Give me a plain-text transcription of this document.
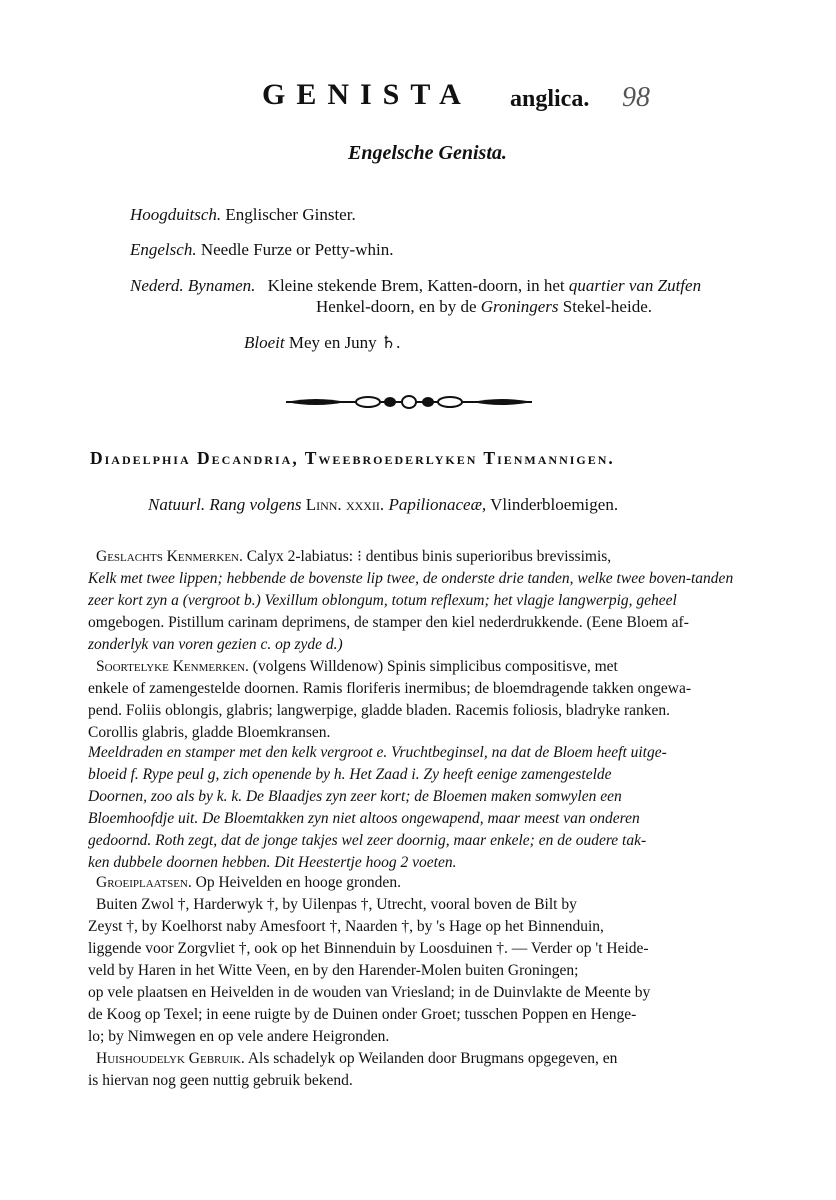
GENISTA anglica. 98
Engelsche Genista.
Hoogduitsch. Englischer Ginster.
Engelsch. Needle Furze or Petty-whin.
Nederd. Bynamen. Kleine stekende Brem, Katten-doorn, in het quartier van Zutfen
Henkel-doorn, en by de Groningers Stekel-heide.
Bloeit Mey en Juny ♄.
Diadelphia Decandria, Tweebroederlyken Tienmannigen.
Natuurl. Rang volgens Linn. xxxii. Papilionaceæ, Vlinderbloemigen.

Geslachts Kenmerken. Calyx 2-labiatus: ⁝ dentibus binis superioribus brevissimis,

Kelk met twee lippen; hebbende de bovenste lip twee, de onderste drie tanden, welke twee boven-tanden

zeer kort zyn a (vergroot b.) Vexillum oblongum, totum reflexum; het vlagje langwerpig, geheel

omgebogen. Pistillum carinam deprimens, de stamper den kiel nederdrukkende. (Eene Bloem af-

zonderlyk van voren gezien c. op zyde d.)

Soortelyke Kenmerken. (volgens Willdenow) Spinis simplicibus compositisve, met

enkele of zamengestelde doornen. Ramis floriferis inermibus; de bloemdragende takken ongewa-

pend. Foliis oblongis, glabris; langwerpige, gladde bladen. Racemis foliosis, bladryke ranken.

Corollis glabris, gladde Bloemkransen.

Meeldraden en stamper met den kelk vergroot e. Vruchtbeginsel, na dat de Bloem heeft uitge-

bloeid f. Rype peul g, zich openende by h. Het Zaad i. Zy heeft eenige zamengestelde

Doornen, zoo als by k. k. De Blaadjes zyn zeer kort; de Bloemen maken somwylen een

Bloemhoofdje uit. De Bloemtakken zyn niet altoos ongewapend, maar meest van onderen

gedoornd. Roth zegt, dat de jonge takjes wel zeer doornig, maar enkele; en de oudere tak-

ken dubbele doornen hebben. Dit Heestertje hoog 2 voeten.

Groeiplaatsen. Op Heivelden en hooge gronden.

Buiten Zwol †, Harderwyk †, by Uilenpas †, Utrecht, vooral boven de Bilt by

Zeyst †, by Koelhorst naby Amesfoort †, Naarden †, by 's Hage op het Binnenduin,

liggende voor Zorgvliet †, ook op het Binnenduin by Loosduinen †. — Verder op 't Heide-

veld by Haren in het Witte Veen, en by den Harender-Molen buiten Groningen;

op vele plaatsen en Heivelden in de wouden van Vriesland; in de Duinvlakte de Meente by

de Koog op Texel; in eene ruigte by de Duinen onder Groet; tusschen Poppen en Henge-

lo; by Nimwegen en op vele andere Heigronden.

Huishoudelyk Gebruik. Als schadelyk op Weilanden door Brugmans opgegeven, en

is hiervan nog geen nuttig gebruik bekend.
